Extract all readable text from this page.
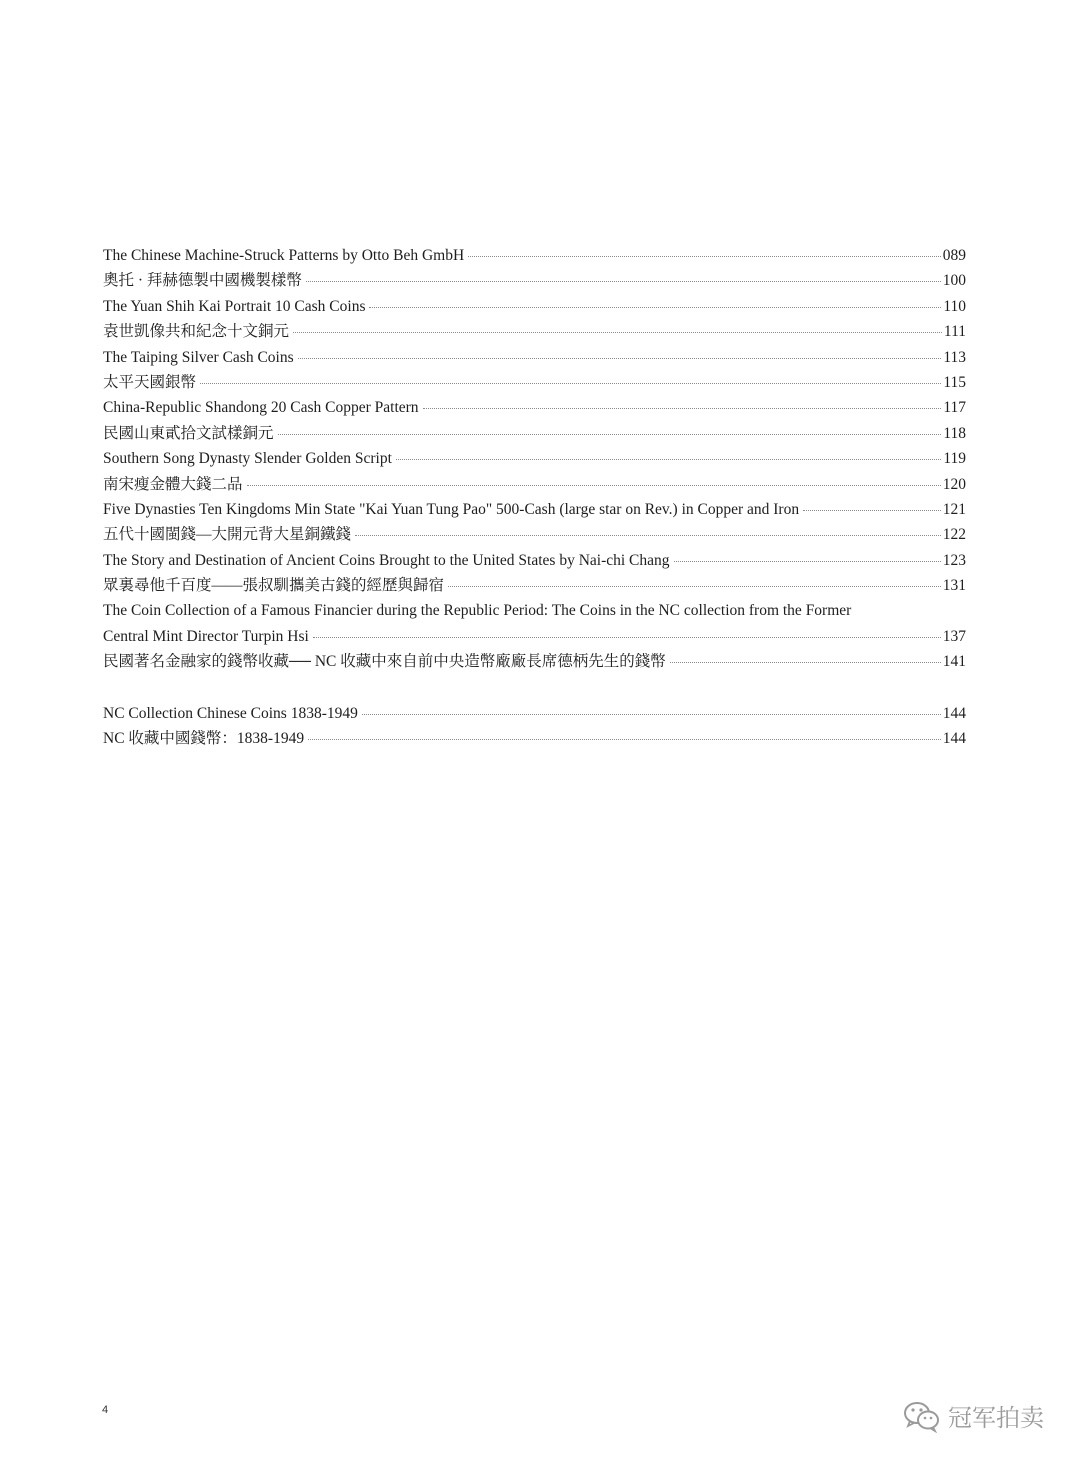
The Chinese Machine-Struck Patterns by Otto Beh GmbH	089
奧托 · 拜赫德製中國機製樣幣	100
The Yuan Shih Kai Portrait 10 Cash Coins	110
袁世凱像共和紀念十文銅元	111
The Taiping Silver Cash Coins	113
太平天國銀幣	115
China-Republic Shandong 20 Cash Copper Pattern	117
民國山東貳拾文試樣銅元	118
Southern Song Dynasty Slender Golden Script	119
南宋瘦金體大錢二品	120
Five Dynasties Ten Kingdoms Min State "Kai Yuan Tung Pao" 500-Cash (large star on Rev.) in Copper and Iron	121
五代十國閩錢—大開元背大星銅鐵錢	122
The Story and Destination of Ancient Coins Brought to the United States by Nai-chi Chang	123
眾裏尋他千百度——張叔馴攜美古錢的經歷與歸宿	131
The Coin Collection of a Famous Financier during the Republic Period: The Coins in the NC collection from the Former
Central Mint Director Turpin Hsi	137
民國著名金融家的錢幣收藏── NC 收藏中來自前中央造幣廠廠長席德柄先生的錢幣	141
NC Collection Chinese Coins 1838-1949	144
NC 收藏中國錢幣：1838-1949	144
4	冠军拍卖
